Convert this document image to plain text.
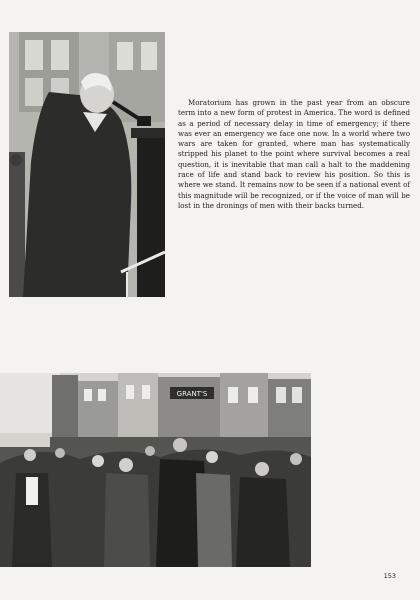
Moratorium has grown in the past year from an obscure term into a new form of protest in America. The word is defined as a period of necessary delay in time of emergency; if there was ever an emergency we face one now. In a world where two wars are taken for granted, where man has systematically stripped his planet to the point where survival becomes a real question, it is inevitable that man call a halt to the maddening race of life and stand back to review his position. So this is where we stand. It remains now to be seen if a national event of this magnitude will be recognized, or if the voice of man will be lost in the dronings of men with their backs turned.

GRANT'S
153
